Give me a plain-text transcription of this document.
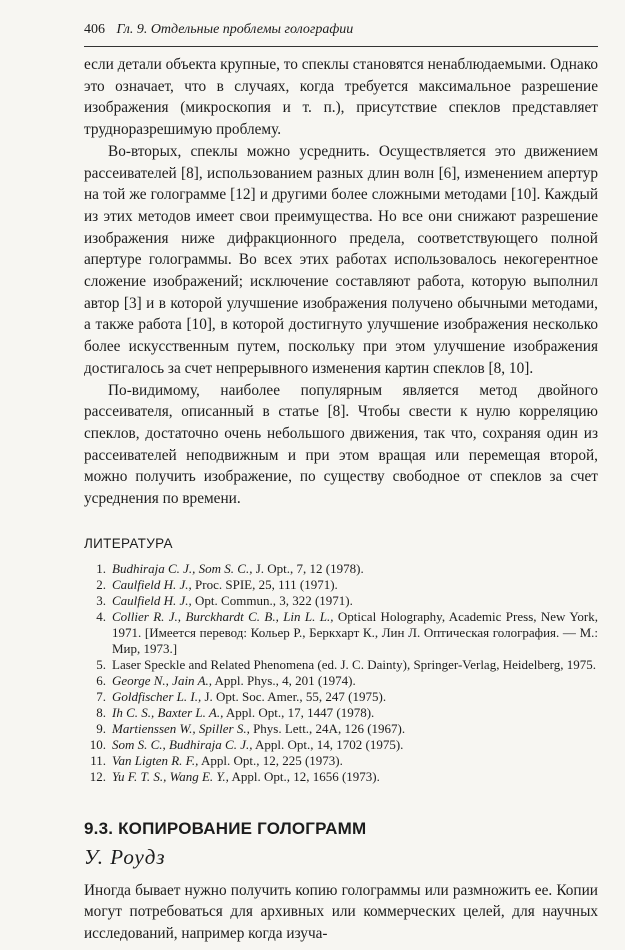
406 Гл. 9. Отдельные проблемы голографии

если детали объекта крупные, то спеклы становятся ненаблюдаемыми. Однако это означает, что в случаях, когда требуется максимальное разрешение изображения (микроскопия и т. п.), присутствие спеклов представляет трудноразрешимую проблему.

Во-вторых, спеклы можно усреднить. Осуществляется это движением рассеивателей [8], использованием разных длин волн [6], изменением апертур на той же голограмме [12] и другими более сложными методами [10]. Каждый из этих методов имеет свои преимущества. Но все они снижают разрешение изображения ниже дифракционного предела, соответствующего полной апертуре голограммы. Во всех этих работах использовалось некогерентное сложение изображений; исключение составляют работа, которую выполнил автор [3] и в которой улучшение изображения получено обычными методами, а также работа [10], в которой достигнуто улучшение изображения несколько более искусственным путем, поскольку при этом улучшение изображения достигалось за счет непрерывного изменения картин спеклов [8, 10].

По-видимому, наиболее популярным является метод двойного рассеивателя, описанный в статье [8]. Чтобы свести к нулю корреляцию спеклов, достаточно очень небольшого движения, так что, сохраняя один из рассеивателей неподвижным и при этом вращая или перемещая второй, можно получить изображение, по существу свободное от спеклов за счет усреднения по времени.

ЛИТЕРАТУРА
1. Budhiraja C. J., Som S. C., J. Opt., 7, 12 (1978).
2. Caulfield H. J., Proc. SPIE, 25, 111 (1971).
3. Caulfield H. J., Opt. Commun., 3, 322 (1971).
4. Collier R. J., Burckhardt C. B., Lin L. L., Optical Holography, Academic Press, New York, 1971. [Имеется перевод: Кольер Р., Беркхарт К., Лин Л. Оптическая голография. — М.: Мир, 1973.]
5. Laser Speckle and Related Phenomena (ed. J. C. Dainty), Springer-Verlag, Heidelberg, 1975.
6. George N., Jain A., Appl. Phys., 4, 201 (1974).
7. Goldfischer L. I., J. Opt. Soc. Amer., 55, 247 (1975).
8. Ih C. S., Baxter L. A., Appl. Opt., 17, 1447 (1978).
9. Martienssen W., Spiller S., Phys. Lett., 24A, 126 (1967).
10. Som S. C., Budhiraja C. J., Appl. Opt., 14, 1702 (1975).
11. Van Ligten R. F., Appl. Opt., 12, 225 (1973).
12. Yu F. T. S., Wang E. Y., Appl. Opt., 12, 1656 (1973).
9.3. КОПИРОВАНИЕ ГОЛОГРАММ
У. Роудз

Иногда бывает нужно получить копию голограммы или размножить ее. Копии могут потребоваться для архивных или коммерческих целей, для научных исследований, например когда изуча-
